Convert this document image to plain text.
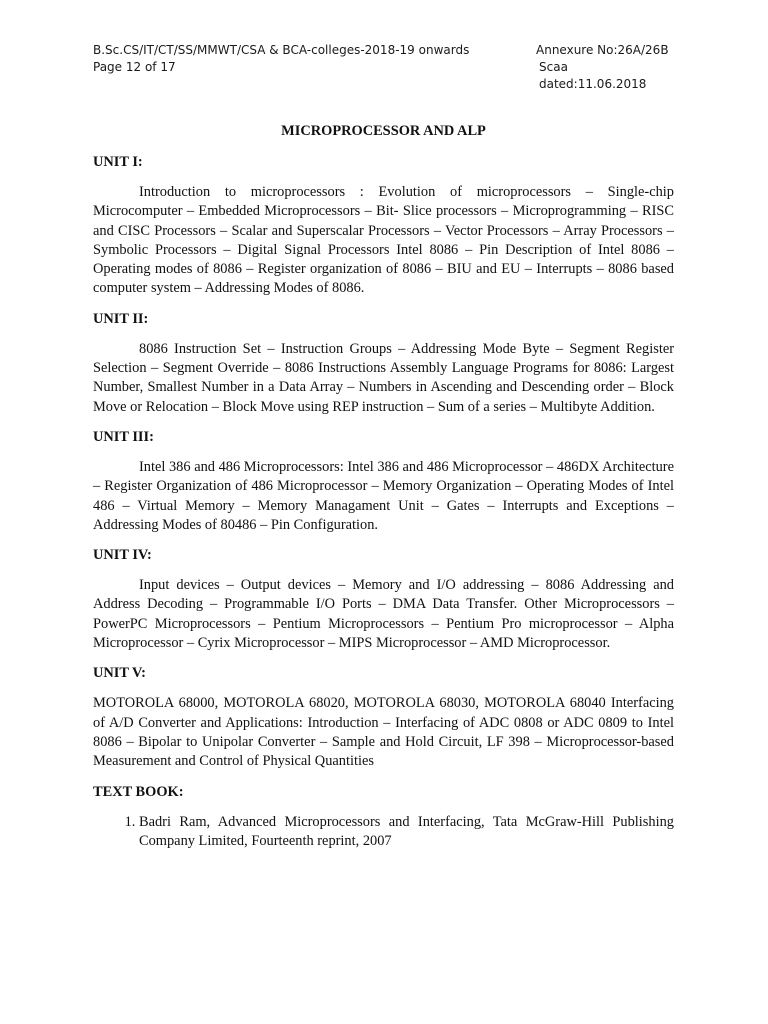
B.Sc.CS/IT/CT/SS/MMWT/CSA & BCA-colleges-2018-19 onwards	Annexure No:26A/26B
Page 12 of 17	Scaa dated:11.06.2018
MICROPROCESSOR AND ALP
UNIT I:

Introduction to microprocessors : Evolution of microprocessors – Single-chip Microcomputer – Embedded Microprocessors – Bit- Slice processors – Microprogramming – RISC and CISC Processors – Scalar and Superscalar Processors – Vector Processors – Array Processors – Symbolic Processors – Digital Signal Processors Intel 8086 – Pin Description of Intel 8086 – Operating modes of 8086 – Register organization of 8086 – BIU and EU – Interrupts – 8086 based computer system – Addressing Modes of 8086.

UNIT II:

8086 Instruction Set – Instruction Groups – Addressing Mode Byte – Segment Register Selection – Segment Override – 8086 Instructions Assembly Language Programs for 8086: Largest Number, Smallest Number in a Data Array – Numbers in Ascending and Descending order – Block Move or Relocation – Block Move using REP instruction – Sum of a series – Multibyte Addition.

UNIT III:

Intel 386 and 486 Microprocessors: Intel 386 and 486 Microprocessor – 486DX Architecture – Register Organization of 486 Microprocessor – Memory Organization – Operating Modes of Intel 486 – Virtual Memory – Memory Managament Unit – Gates – Interrupts and Exceptions – Addressing Modes of 80486 – Pin Configuration.

UNIT IV:

Input devices – Output devices – Memory and I/O addressing – 8086 Addressing and Address Decoding – Programmable I/O Ports – DMA Data Transfer. Other Microprocessors – PowerPC Microprocessors – Pentium Microprocessors – Pentium Pro microprocessor – Alpha Microprocessor – Cyrix Microprocessor – MIPS Microprocessor – AMD Microprocessor.

UNIT V:

MOTOROLA 68000, MOTOROLA 68020, MOTOROLA 68030, MOTOROLA 68040 Interfacing of A/D Converter and Applications: Introduction – Interfacing of ADC 0808 or ADC 0809 to Intel 8086 – Bipolar to Unipolar Converter – Sample and Hold Circuit, LF 398 – Microprocessor-based Measurement and Control of Physical Quantities

TEXT BOOK:
1. Badri Ram, Advanced Microprocessors and Interfacing, Tata McGraw-Hill Publishing Company Limited, Fourteenth reprint, 2007
